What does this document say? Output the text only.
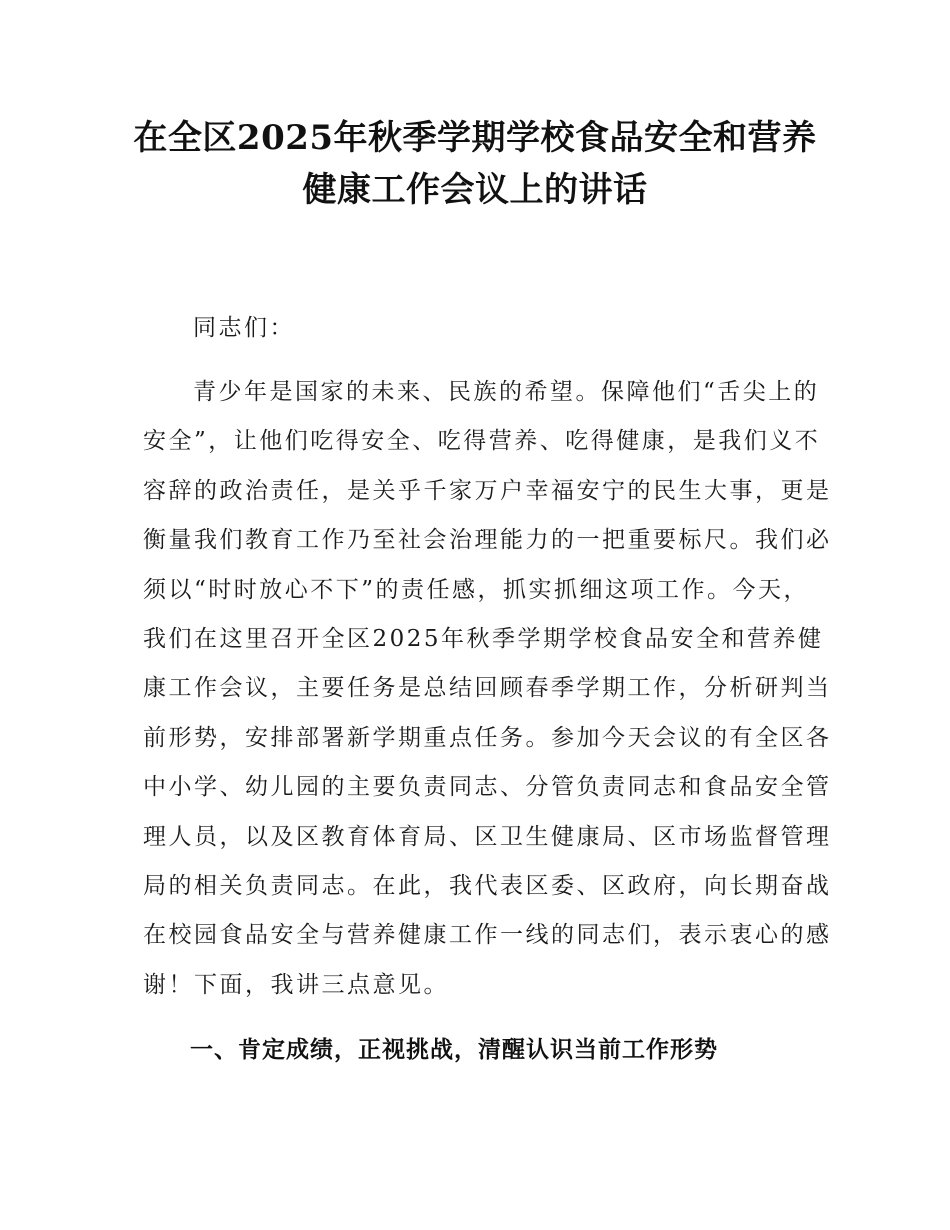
在全区2025年秋季学期学校食品安全和营养
健康工作会议上的讲话
同志们：
青少年是国家的未来、民族的希望。保障他们“舌尖上的
安全”，让他们吃得安全、吃得营养、吃得健康，是我们义不
容辞的政治责任，是关乎千家万户幸福安宁的民生大事，更是
衡量我们教育工作乃至社会治理能力的一把重要标尺。我们必
须以“时时放心不下”的责任感，抓实抓细这项工作。今天，
我们在这里召开全区2025年秋季学期学校食品安全和营养健
康工作会议，主要任务是总结回顾春季学期工作，分析研判当
前形势，安排部署新学期重点任务。参加今天会议的有全区各
中小学、幼儿园的主要负责同志、分管负责同志和食品安全管
理人员，以及区教育体育局、区卫生健康局、区市场监督管理
局的相关负责同志。在此，我代表区委、区政府，向长期奋战
在校园食品安全与营养健康工作一线的同志们，表示衷心的感
谢！下面，我讲三点意见。
一、肯定成绩，正视挑战，清醒认识当前工作形势
